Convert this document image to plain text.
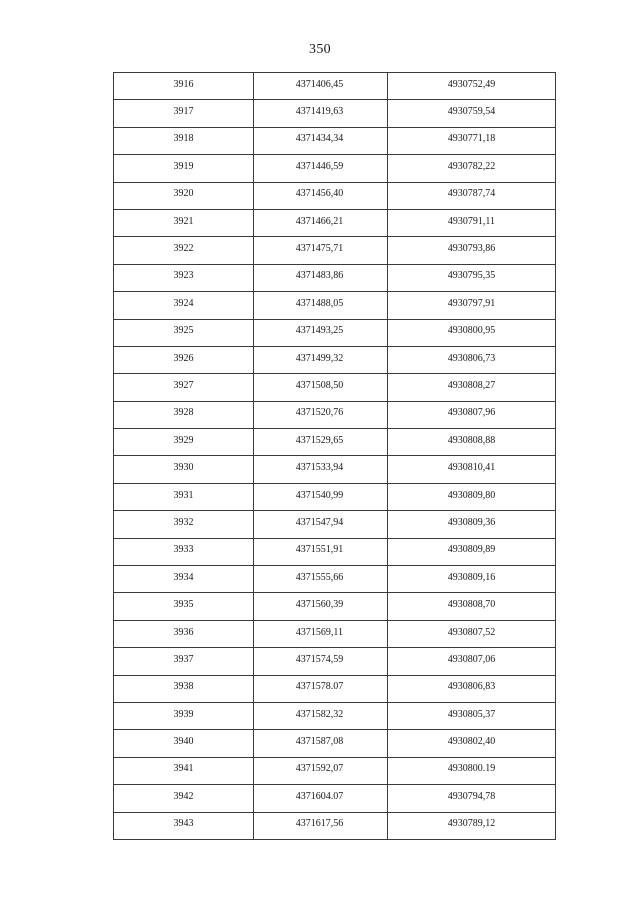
350
3916	4371406,45	4930752,49
3917	4371419,63	4930759,54
3918	4371434,34	4930771,18
3919	4371446,59	4930782,22
3920	4371456,40	4930787,74
3921	4371466,21	4930791,11
3922	4371475,71	4930793,86
3923	4371483,86	4930795,35
3924	4371488,05	4930797,91
3925	4371493,25	4930800,95
3926	4371499,32	4930806,73
3927	4371508,50	4930808,27
3928	4371520,76	4930807,96
3929	4371529,65	4930808,88
3930	4371533,94	4930810,41
3931	4371540,99	4930809,80
3932	4371547,94	4930809,36
3933	4371551,91	4930809,89
3934	4371555,66	4930809,16
3935	4371560,39	4930808,70
3936	4371569,11	4930807,52
3937	4371574,59	4930807,06
3938	4371578.07	4930806,83
3939	4371582,32	4930805,37
3940	4371587,08	4930802,40
3941	4371592,07	4930800.19
3942	4371604.07	4930794,78
3943	4371617,56	4930789,12
